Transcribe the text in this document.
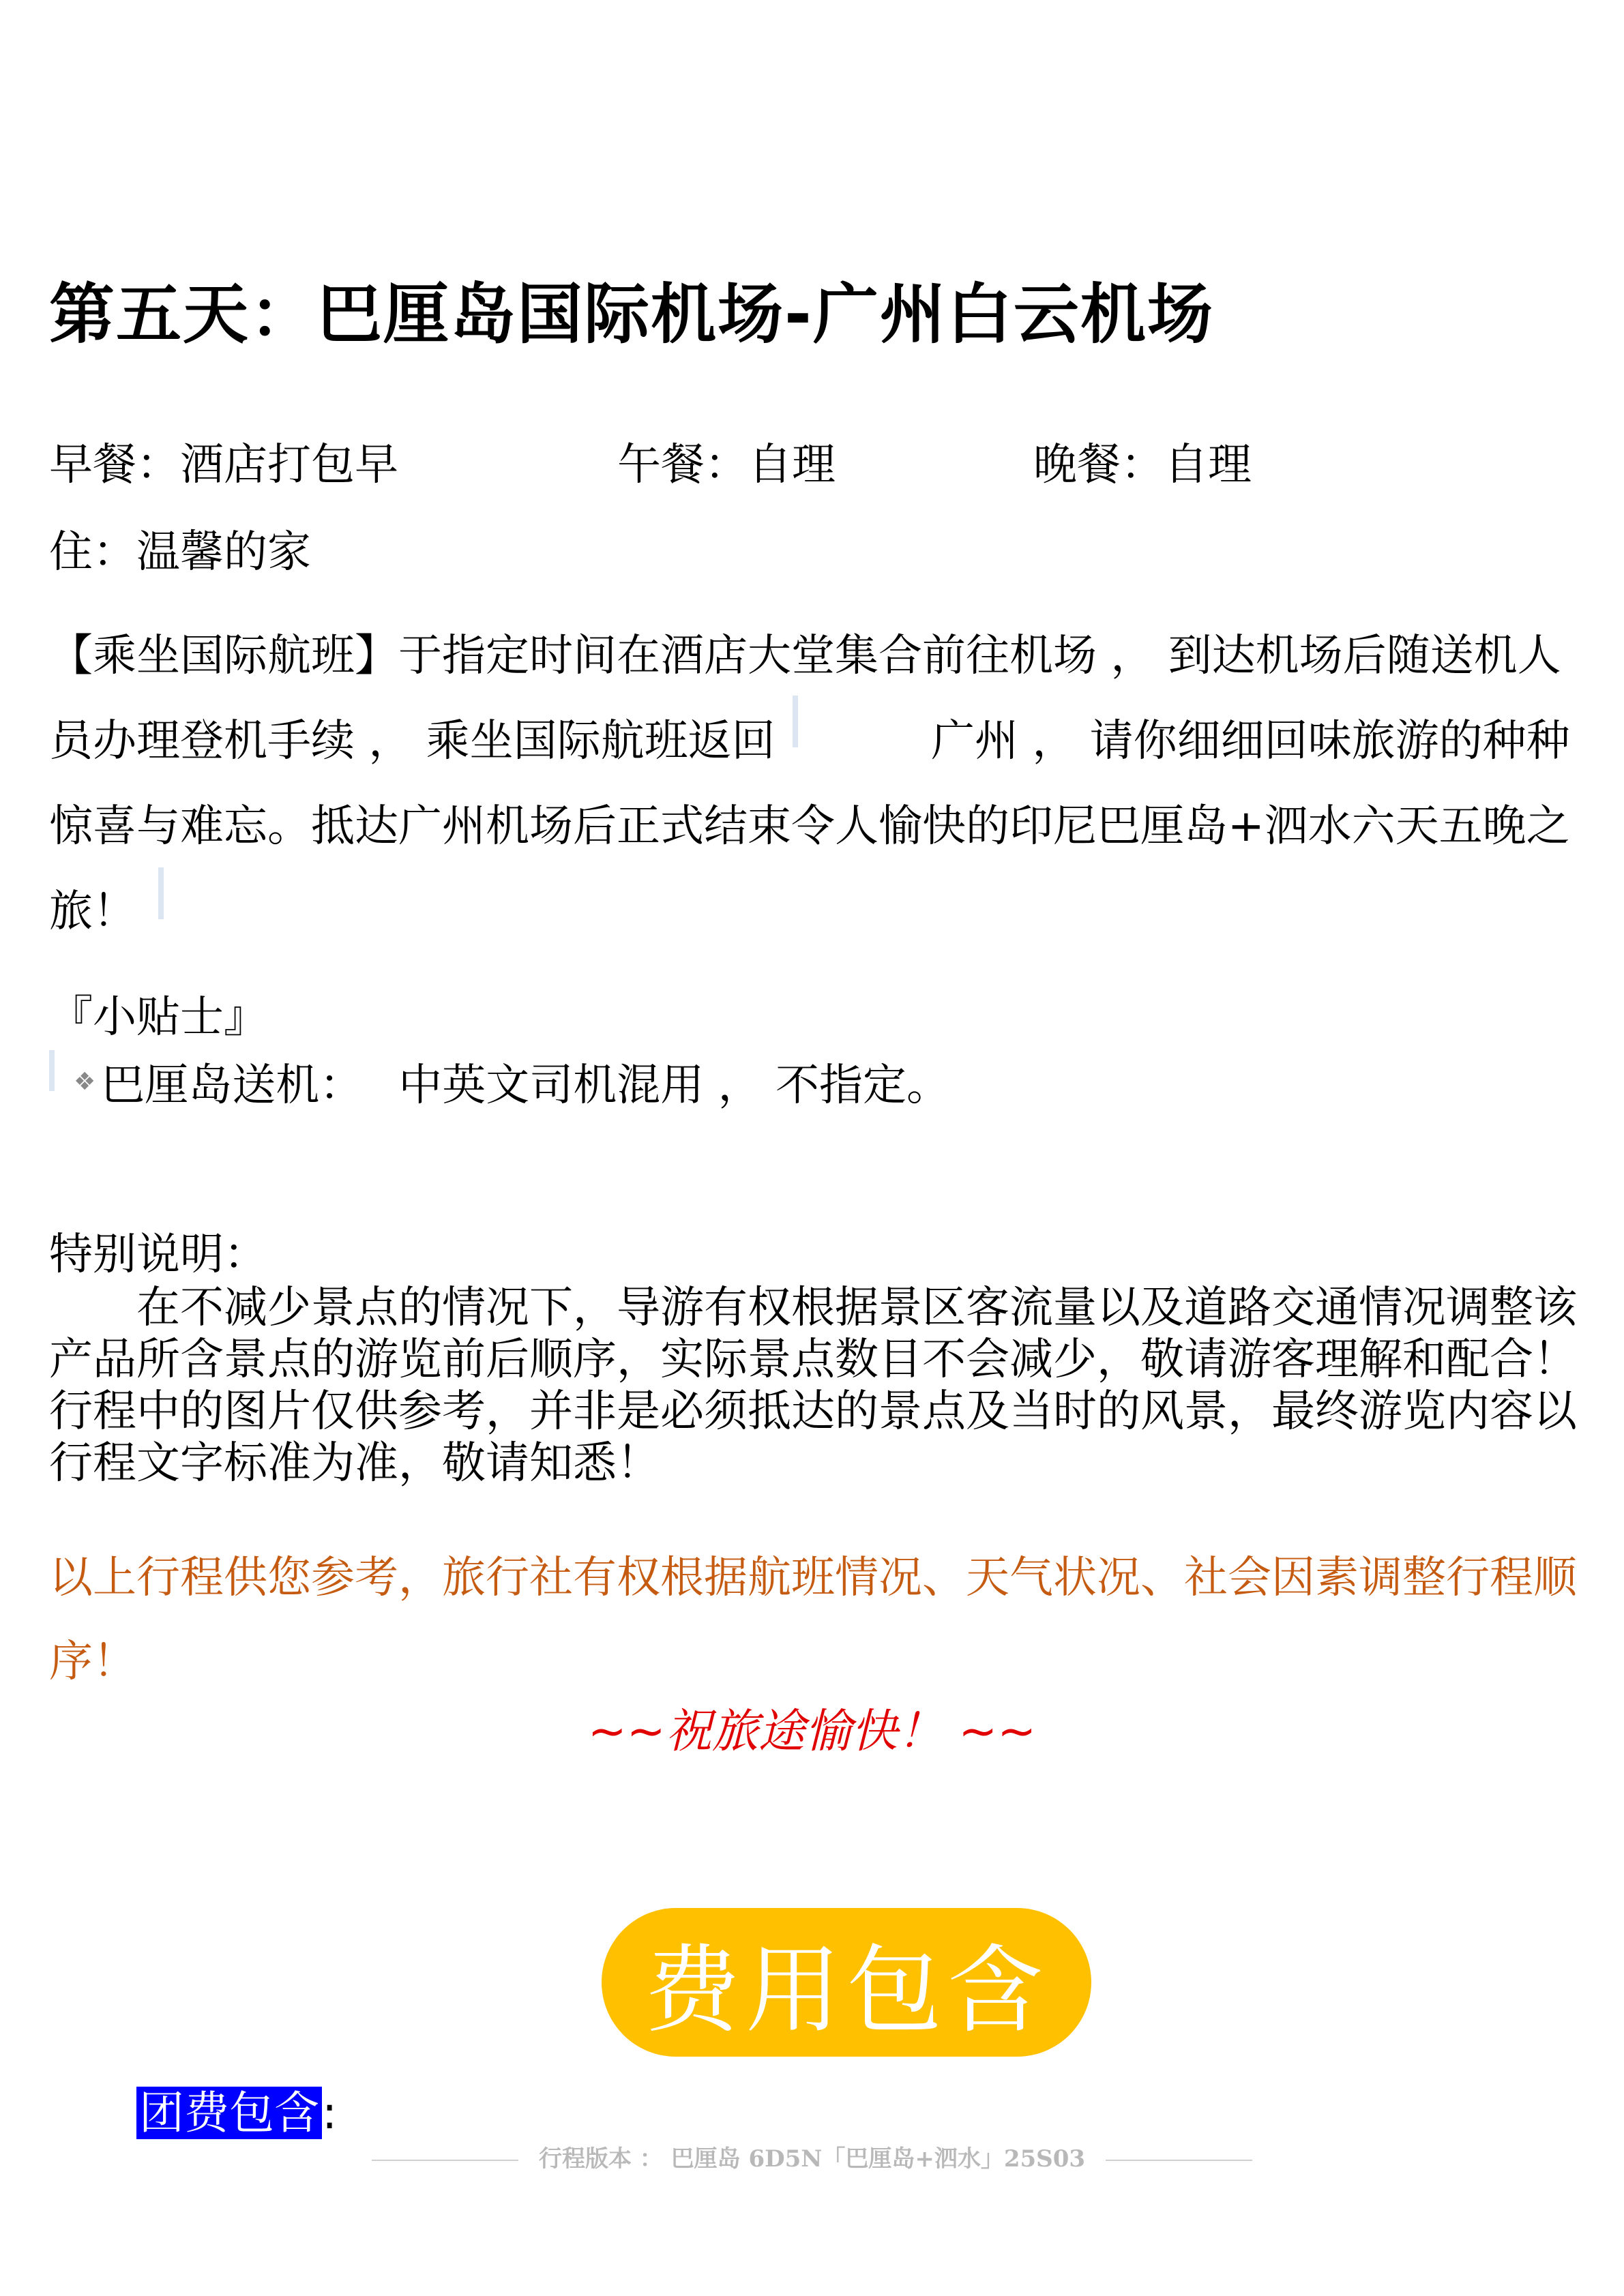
第五天：巴厘岛国际机场-广州白云机场
早餐：酒店打包早	午餐：自理	晚餐：自理
住：温馨的家
【乘坐国际航班】于指定时间在酒店大堂集合前往机场 ， 到达机场后随送机人
员办理登机手续 ， 乘坐国际航班返回	广州 ， 请你细细回味旅游的种种
惊喜与难忘。抵达广州机场后正式结束令人愉快的印尼巴厘岛+泗水六天五晚之
旅！
『小贴士』
❖ 巴厘岛送机： 中英文司机混用 ， 不指定。
特别说明：
在不减少景点的情况下，导游有权根据景区客流量以及道路交通情况调整该
产品所含景点的游览前后顺序，实际景点数目不会减少，敬请游客理解和配合！
行程中的图片仅供参考，并非是必须抵达的景点及当时的风景，最终游览内容以
行程文字标准为准，敬请知悉！
以上行程供您参考，旅行社有权根据航班情况、天气状况、社会因素调整行程顺
序！
~~祝旅途愉快！ ~~
费用包含
团费包含:
行程版本 ： 巴厘岛 6D5N「巴厘岛+泗水」25S03
